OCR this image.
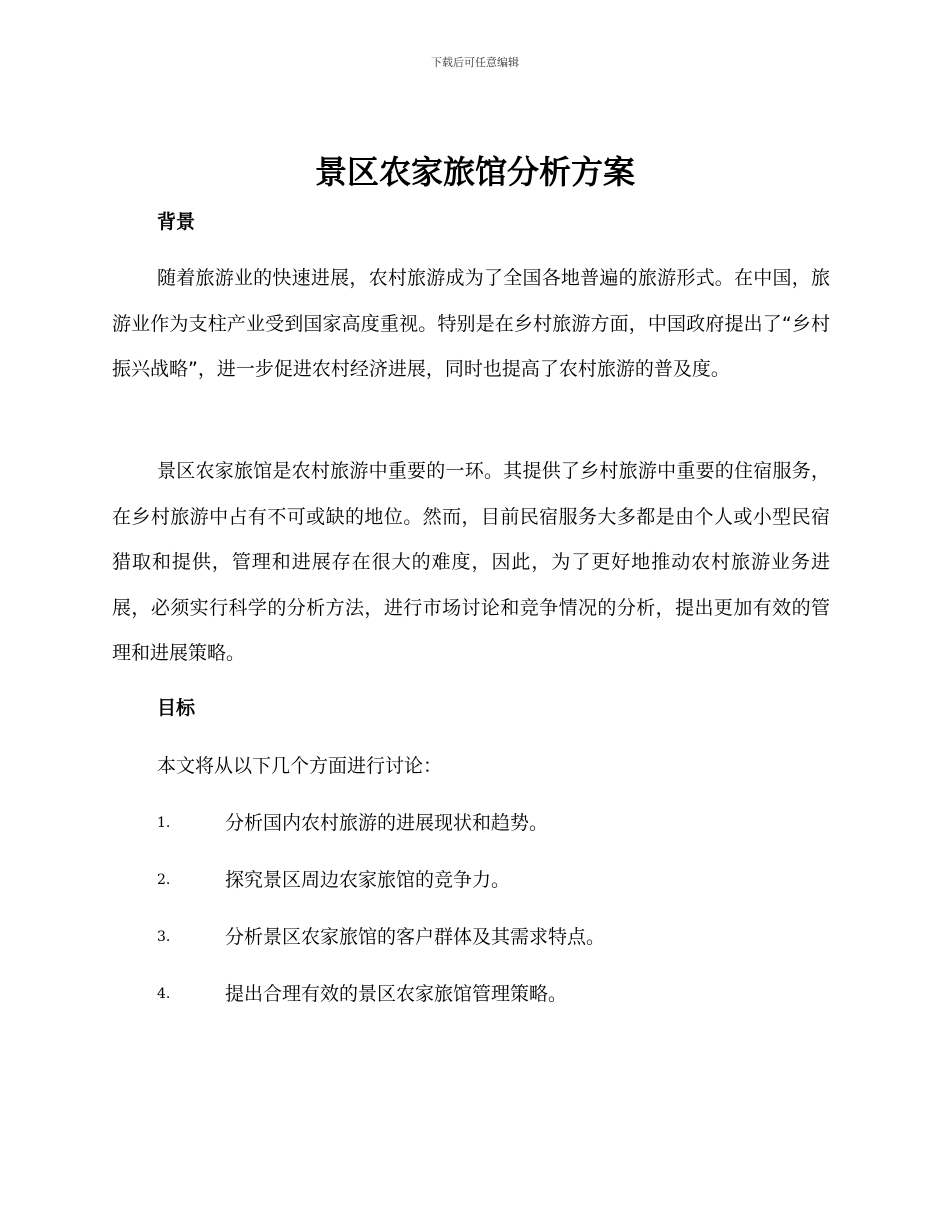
下载后可任意编辑
景区农家旅馆分析方案
背景

随着旅游业的快速进展，农村旅游成为了全国各地普遍的旅游形式。在中国，旅游业作为支柱产业受到国家高度重视。特别是在乡村旅游方面，中国政府提出了“乡村振兴战略”，进一步促进农村经济进展，同时也提高了农村旅游的普及度。

景区农家旅馆是农村旅游中重要的一环。其提供了乡村旅游中重要的住宿服务，在乡村旅游中占有不可或缺的地位。然而，目前民宿服务大多都是由个人或小型民宿猎取和提供，管理和进展存在很大的难度，因此，为了更好地推动农村旅游业务进展，必须实行科学的分析方法，进行市场讨论和竞争情况的分析，提出更加有效的管理和进展策略。

目标

本文将从以下几个方面进行讨论：

1.	分析国内农村旅游的进展现状和趋势。
2.	探究景区周边农家旅馆的竞争力。
3.	分析景区农家旅馆的客户群体及其需求特点。
4.	提出合理有效的景区农家旅馆管理策略。
